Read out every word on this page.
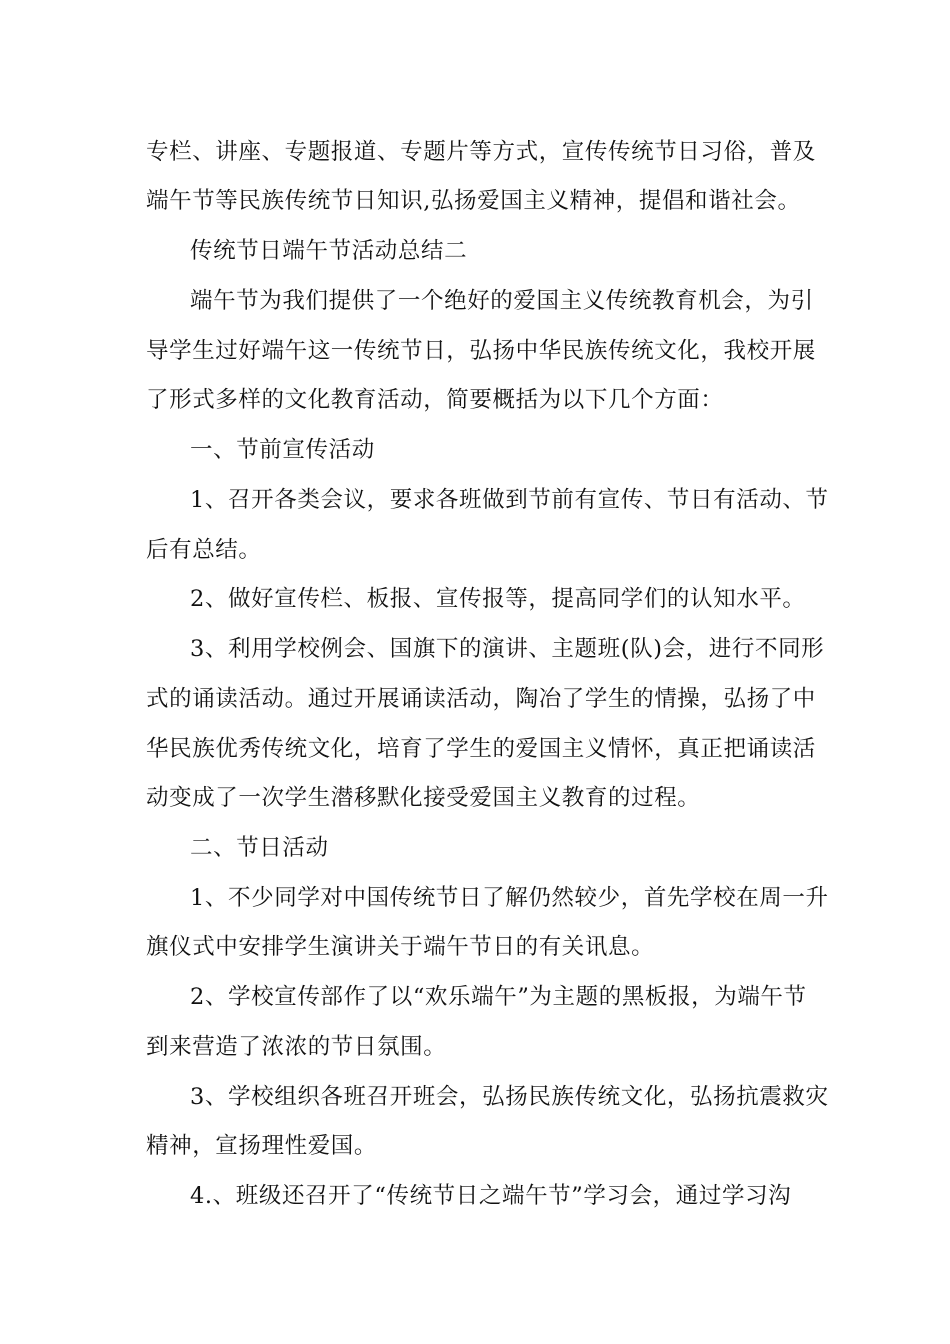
专栏、讲座、专题报道、专题片等方式，宣传传统节日习俗，普及
端午节等民族传统节日知识,弘扬爱国主义精神，提倡和谐社会。
传统节日端午节活动总结二
端午节为我们提供了一个绝好的爱国主义传统教育机会，为引
导学生过好端午这一传统节日，弘扬中华民族传统文化，我校开展
了形式多样的文化教育活动，简要概括为以下几个方面：
一、节前宣传活动
1、召开各类会议，要求各班做到节前有宣传、节日有活动、节
后有总结。
2、做好宣传栏、板报、宣传报等，提高同学们的认知水平。
3、利用学校例会、国旗下的演讲、主题班(队)会，进行不同形
式的诵读活动。通过开展诵读活动，陶冶了学生的情操，弘扬了中
华民族优秀传统文化，培育了学生的爱国主义情怀，真正把诵读活
动变成了一次学生潜移默化接受爱国主义教育的过程。
二、节日活动
1、不少同学对中国传统节日了解仍然较少，首先学校在周一升
旗仪式中安排学生演讲关于端午节日的有关讯息。
2、学校宣传部作了以“欢乐端午”为主题的黑板报，为端午节
到来营造了浓浓的节日氛围。
3、学校组织各班召开班会，弘扬民族传统文化，弘扬抗震救灾
精神，宣扬理性爱国。
4.、班级还召开了“传统节日之端午节”学习会，通过学习沟
